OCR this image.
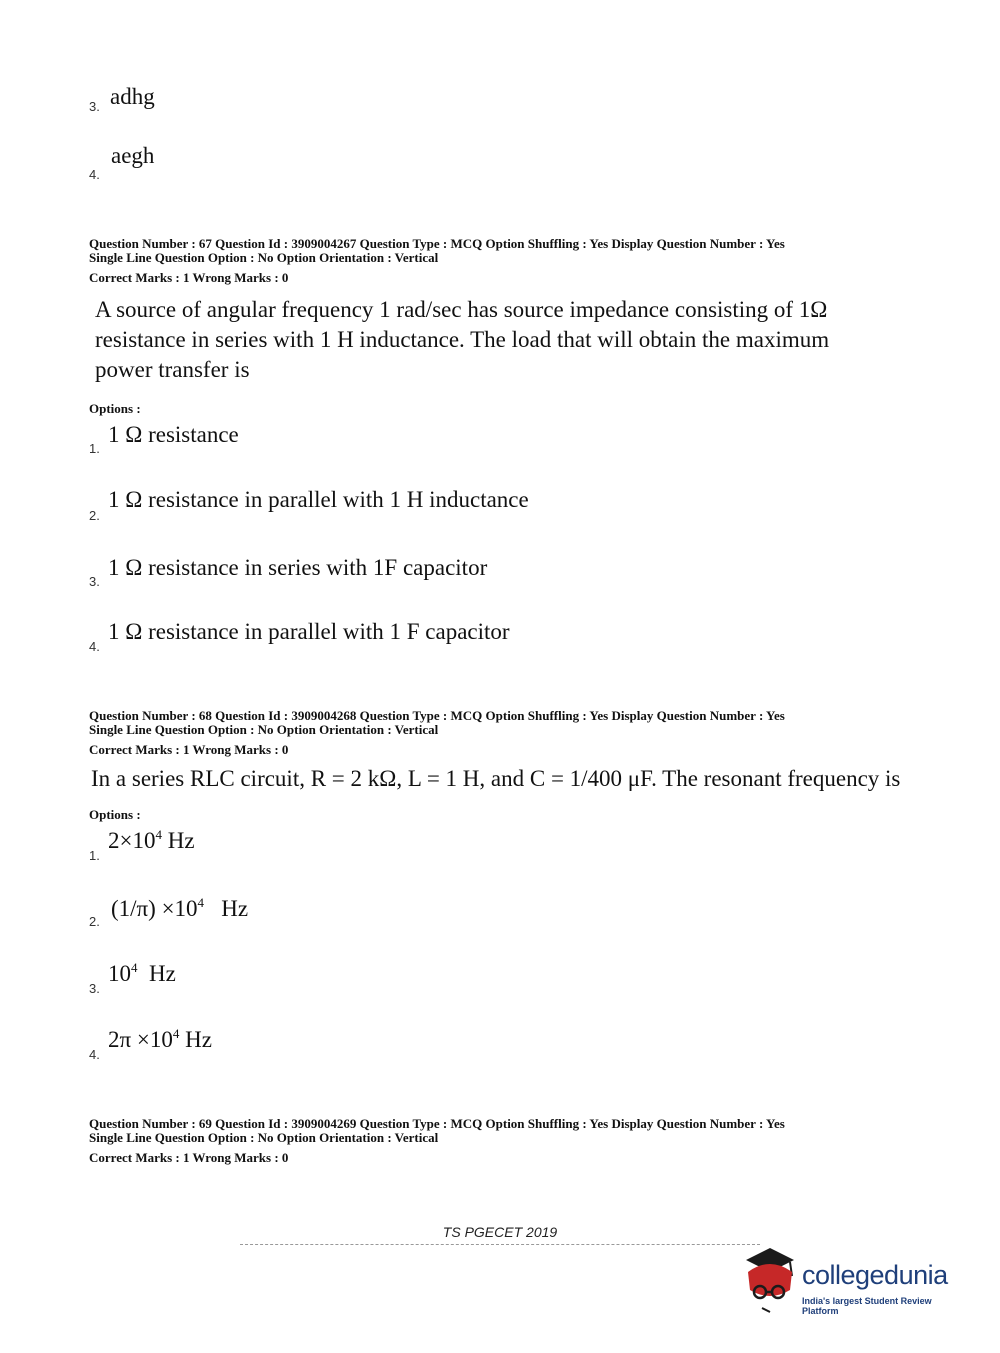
3. adhg
4.
aegh
Question Number : 67 Question Id : 3909004267 Question Type : MCQ Option Shuffling : Yes Display Question Number : Yes
Single Line Question Option : No Option Orientation : Vertical
Correct Marks : 1 Wrong Marks : 0
A source of angular frequency 1 rad/sec has source impedance consisting of 1Ω
resistance in series with 1 H inductance. The load that will obtain the maximum
power transfer is
Options :
1.
1 Ω resistance
2.
1 Ω resistance in parallel with 1 H inductance
3.
1 Ω resistance in series with 1F capacitor
4.
1 Ω resistance in parallel with 1 F capacitor
Question Number : 68 Question Id : 3909004268 Question Type : MCQ Option Shuffling : Yes Display Question Number : Yes
Single Line Question Option : No Option Orientation : Vertical
Correct Marks : 1 Wrong Marks : 0
In a series RLC circuit, R = 2 kΩ, L = 1 H, and C = 1/400 μF. The resonant frequency is
Options :
1.
$2\times 10^4$ Hz
2.
$(1/\pi) \times 10^4$   Hz
3.
$10^4$  Hz
4.
$2\pi \times 10^4$ Hz
Question Number : 69 Question Id : 3909004269 Question Type : MCQ Option Shuffling : Yes Display Question Number : Yes
Single Line Question Option : No Option Orientation : Vertical
Correct Marks : 1 Wrong Marks : 0
TS PGECET 2019
collegedunia
India's largest Student Review Platform
